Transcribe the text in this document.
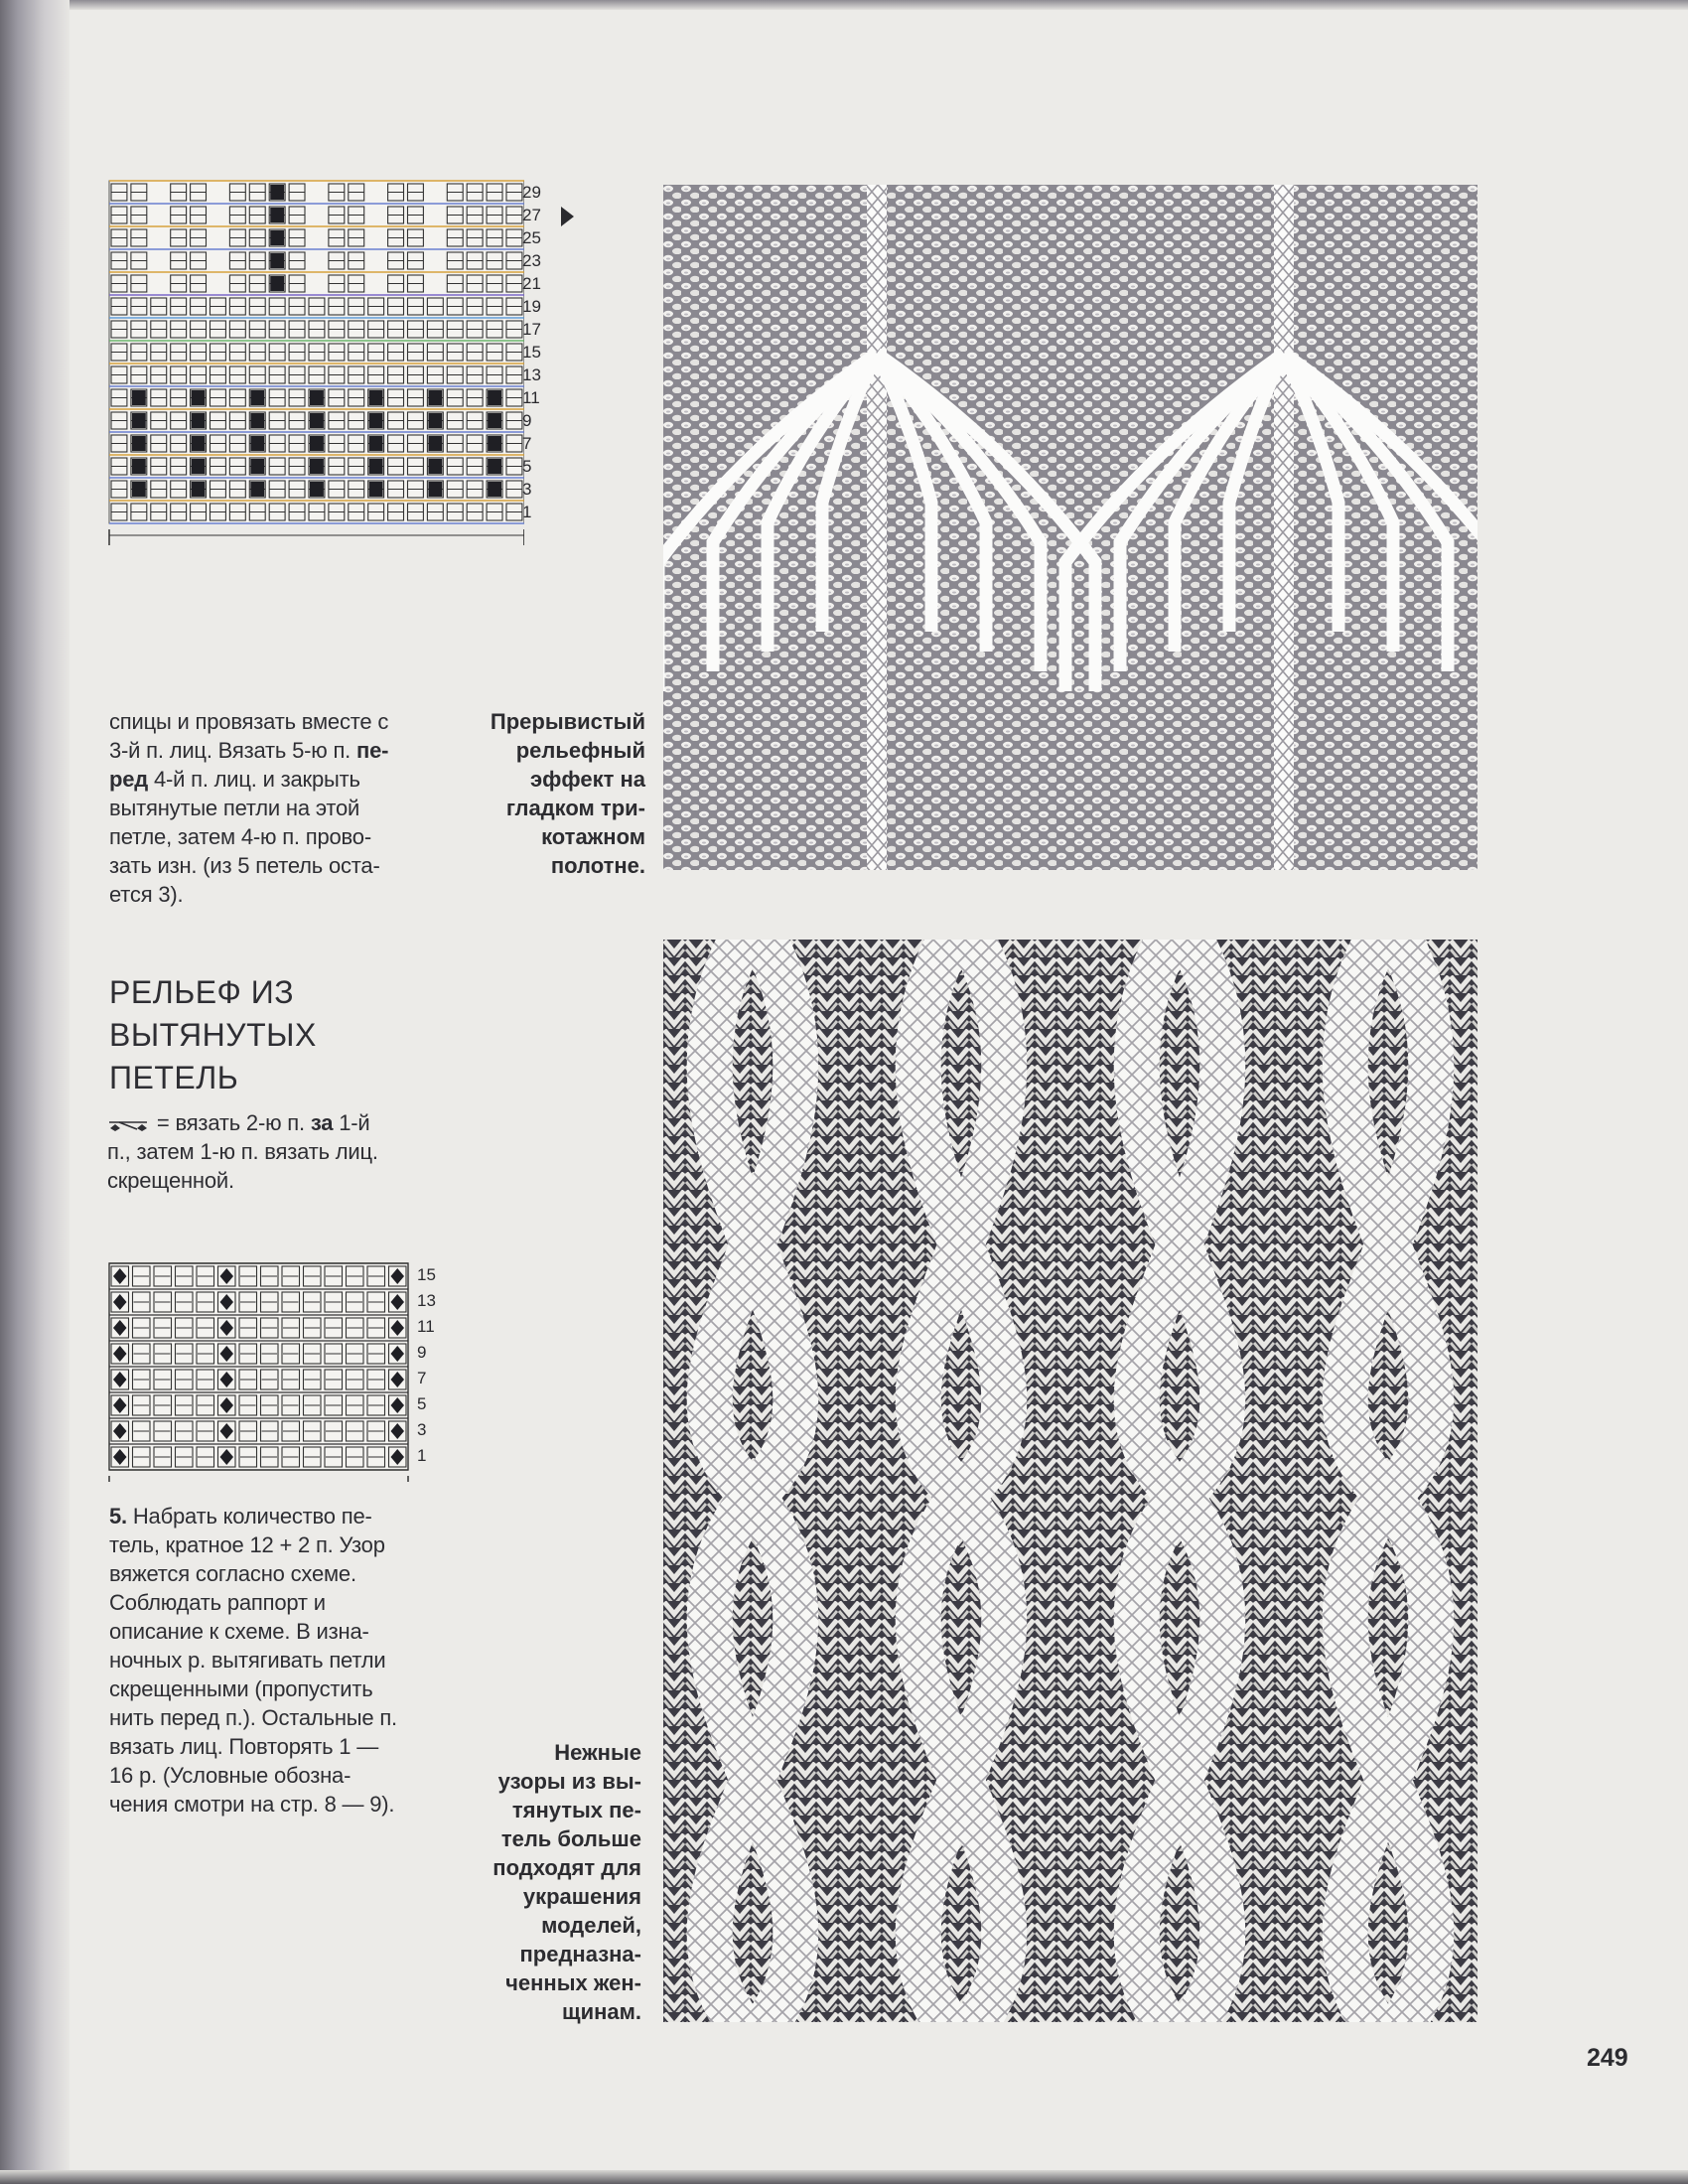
29
27
25
23
21
19
17
15
13
11
9
7
5
3
1
спицы и провязать вместе с
3-й п. лиц. Вязать 5-ю п. пе-
ред 4-й п. лиц. и закрыть
вытянутые петли на этой
петле, затем 4-ю п. прово-
зать изн. (из 5 петель оста-
ется 3).
РЕЛЬЕФ ИЗ
ВЫТЯНУТЫХ
ПЕТЕЛЬ
= вязать 2-ю п. за 1-й
п., затем 1-ю п. вязать лиц.
скрещенной.
15
13
11
9
7
5
3
1
5. Набрать количество пе-
тель, кратное 12 + 2 п. Узор
вяжется согласно схеме.
Соблюдать раппорт и
описание к схеме. В изна-
ночных р. вытягивать петли
скрещенными (пропустить
нить перед п.). Остальные п.
вязать лиц. Повторять 1 —
16 р. (Условные обозна-
чения смотри на стр. 8 — 9).
Прерывистый
рельефный
эффект на
гладком три-
котажном
полотне.
Нежные
узоры из вы-
тянутых пе-
тель больше
подходят для
украшения
моделей,
предназна-
ченных жен-
щинам.
249
